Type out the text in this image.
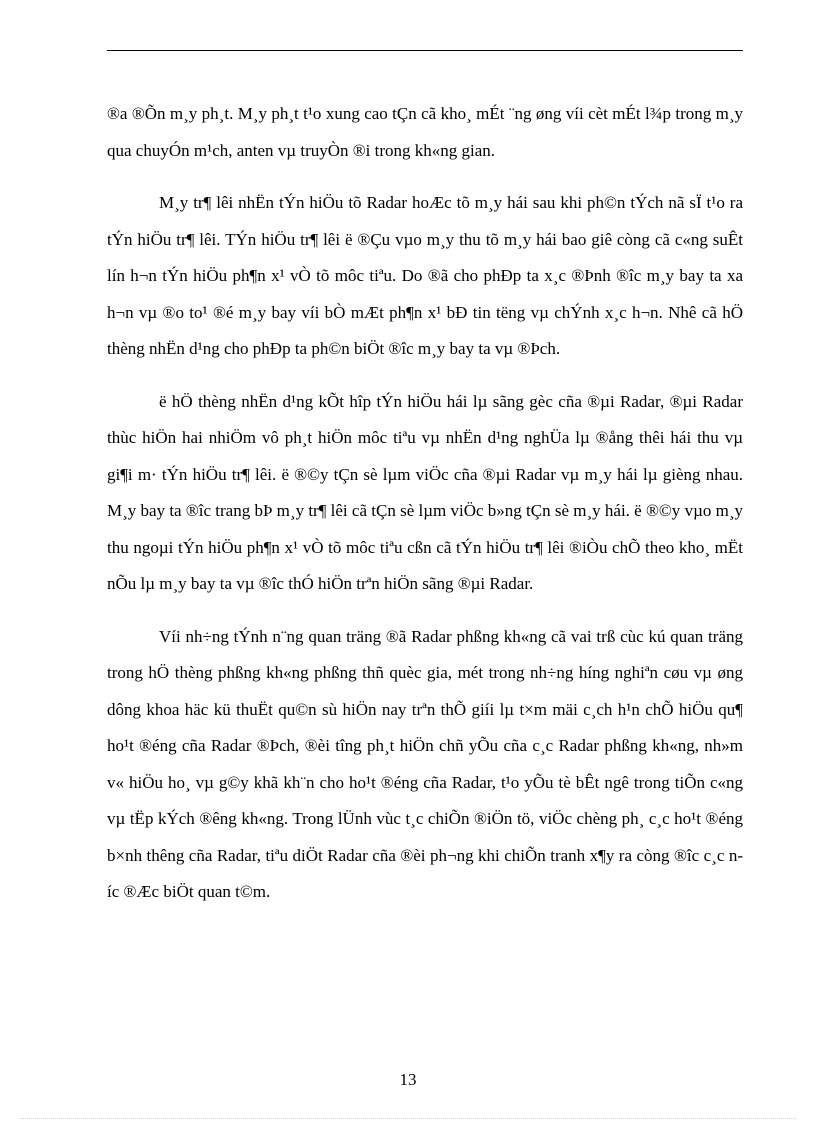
®a ®Õn m¸y ph¸t. M¸y ph¸t t¹o xung cao tÇn cã kho¸ mÉt ¨ng øng víi cèt mÉt l¾p trong m¸y qua chuyÓn m¹ch, anten vµ truyÒn ®i trong kh«ng gian.

M¸y tr¶ lêi nhËn tÝn hiÖu tõ Radar hoÆc tõ m¸y hái sau khi ph©n tÝch nã sÏ t¹o ra tÝn hiÖu tr¶ lêi. TÝn hiÖu tr¶ lêi ë ®Çu vµo m¸y thu tõ m¸y hái bao giê còng cã c«ng suÊt lín h¬n tÝn hiÖu ph¶n x¹ vÒ tõ môc tiªu. Do ®ã cho phÐp ta x¸c ®Þnh ®îc m¸y bay ta xa h¬n vµ ®o to¹ ®é m¸y bay víi bÒ mÆt ph¶n x¹ bÐ tin tëng vµ chÝnh x¸c h¬n. Nhê cã hÖ thèng nhËn d¹ng cho phÐp ta ph©n biÖt ®îc m¸y bay ta vµ ®Þch.

ë hÖ thèng nhËn d¹ng kÕt hîp tÝn hiÖu hái lµ sãng gèc cña ®µi Radar, ®µi Radar thùc hiÖn hai nhiÖm vô ph¸t hiÖn môc tiªu vµ nhËn d¹ng nghÜa lµ ®ång thêi hái thu vµ gi¶i m· tÝn hiÖu tr¶ lêi. ë ®©y tÇn sè lµm viÖc cña ®µi Radar vµ m¸y hái lµ gièng nhau. M¸y bay ta ®îc trang bÞ m¸y tr¶ lêi cã tÇn sè lµm viÖc b»ng tÇn sè m¸y hái. ë ®©y vµo m¸y thu ngoµi tÝn hiÖu ph¶n x¹ vÒ tõ môc tiªu cßn cã tÝn hiÖu tr¶ lêi ®iÒu chÕ theo kho¸ mËt nÕu lµ m¸y bay ta vµ ®îc thÓ hiÖn trªn hiÖn sãng ®µi Radar.

Víi nh÷ng tÝnh n¨ng quan träng ®ã Radar phßng kh«ng cã vai trß cùc kú quan träng trong hÖ thèng phßng kh«ng phßng thñ quèc gia, mét trong nh÷ng híng nghiªn cøu vµ øng dông khoa häc kü thuËt qu©n sù hiÖn nay trªn thÕ giíi lµ t×m mäi c¸ch h¹n chÕ hiÖu qu¶ ho¹t ®éng cña Radar ®Þch, ®èi tîng ph¸t hiÖn chñ yÕu cña c¸c Radar phßng kh«ng, nh»m v« hiÖu ho¸ vµ g©y khã kh¨n cho ho¹t ®éng cña Radar, t¹o yÕu tè bÊt ngê trong tiÕn c«ng vµ tËp kÝch ®êng kh«ng. Trong lÜnh vùc t¸c chiÕn ®iÖn tö, viÖc chèng ph¸ c¸c ho¹t ®éng b×nh thêng cña Radar, tiªu diÖt Radar cña ®èi ph¬ng khi chiÕn tranh x¶y ra còng ®îc c¸c níc ®Æc biÖt quan t©m.

13
